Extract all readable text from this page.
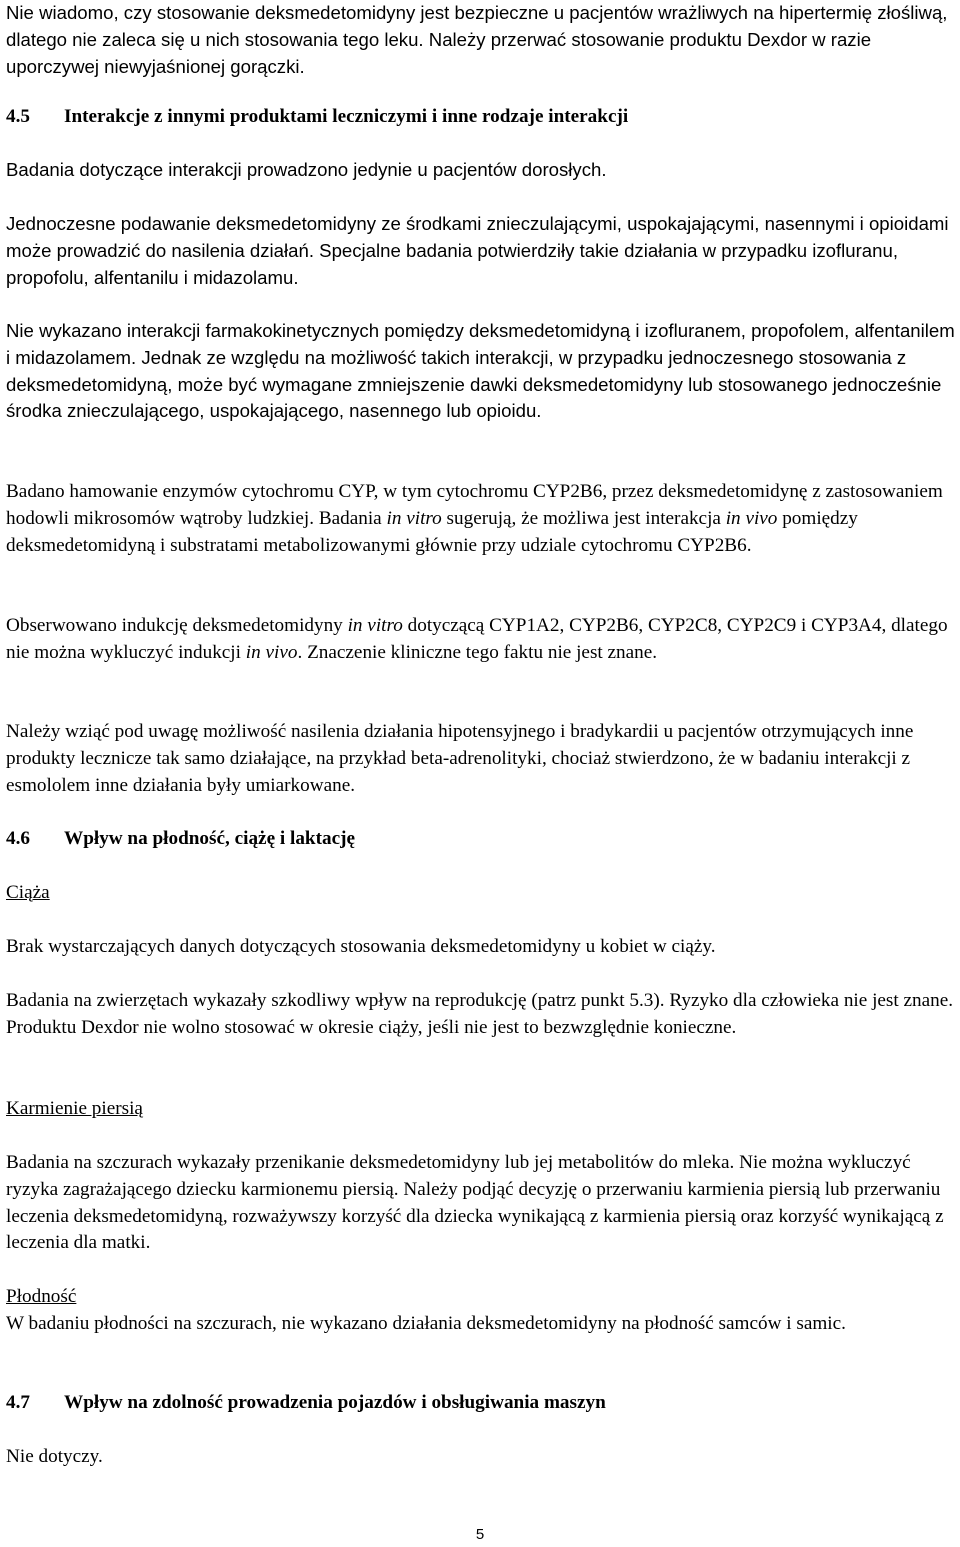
Nie wiadomo, czy stosowanie deksmedetomidyny jest bezpieczne u pacjentów wrażliwych na hipertermię złośliwą, dlatego nie zaleca się u nich stosowania tego leku. Należy przerwać stosowanie produktu Dexdor w razie uporczywej niewyjaśnionej gorączki.

4.5 Interakcje z innymi produktami leczniczymi i inne rodzaje interakcji

Badania dotyczące interakcji prowadzono jedynie u pacjentów dorosłych.

Jednoczesne podawanie deksmedetomidyny ze środkami znieczulającymi, uspokajającymi, nasennymi i opioidami może prowadzić do nasilenia działań. Specjalne badania potwierdziły takie działania w przypadku izofluranu, propofolu, alfentanilu i midazolamu.

Nie wykazano interakcji farmakokinetycznych pomiędzy deksmedetomidyną i izofluranem, propofolem, alfentanilem i midazolamem. Jednak ze względu na możliwość takich interakcji, w przypadku jednoczesnego stosowania z deksmedetomidyną, może być wymagane zmniejszenie dawki deksmedetomidyny lub stosowanego jednocześnie środka znieczulającego, uspokajającego, nasennego lub opioidu.

Badano hamowanie enzymów cytochromu CYP, w tym cytochromu CYP2B6, przez deksmedetomidynę z zastosowaniem hodowli mikrosomów wątroby ludzkiej. Badania in vitro sugerują, że możliwa jest interakcja in vivo pomiędzy deksmedetomidyną i substratami metabolizowanymi głównie przy udziale cytochromu CYP2B6.

Obserwowano indukcję deksmedetomidyny in vitro dotyczącą CYP1A2, CYP2B6, CYP2C8, CYP2C9 i CYP3A4, dlatego nie można wykluczyć indukcji in vivo. Znaczenie kliniczne tego faktu nie jest znane.

Należy wziąć pod uwagę możliwość nasilenia działania hipotensyjnego i bradykardii u pacjentów otrzymujących inne produkty lecznicze tak samo działające, na przykład beta-adrenolityki, chociaż stwierdzono, że w badaniu interakcji z esmololem inne działania były umiarkowane.

4.6 Wpływ na płodność, ciążę i laktację

Ciąża

Brak wystarczających danych dotyczących stosowania deksmedetomidyny u kobiet w ciąży.

Badania na zwierzętach wykazały szkodliwy wpływ na reprodukcję (patrz punkt 5.3). Ryzyko dla człowieka nie jest znane. Produktu Dexdor nie wolno stosować w okresie ciąży, jeśli nie jest to bezwzględnie konieczne.

Karmienie piersią

Badania na szczurach wykazały przenikanie deksmedetomidyny lub jej metabolitów do mleka. Nie można wykluczyć ryzyka zagrażającego dziecku karmionemu piersią. Należy podjąć decyzję o przerwaniu karmienia piersią lub przerwaniu leczenia deksmedetomidyną, rozważywszy korzyść dla dziecka wynikającą z karmienia piersią oraz korzyść wynikającą z leczenia dla matki.

Płodność

W badaniu płodności na szczurach, nie wykazano działania deksmedetomidyny na płodność samców i samic.

4.7 Wpływ na zdolność prowadzenia pojazdów i obsługiwania maszyn

Nie dotyczy.

5
